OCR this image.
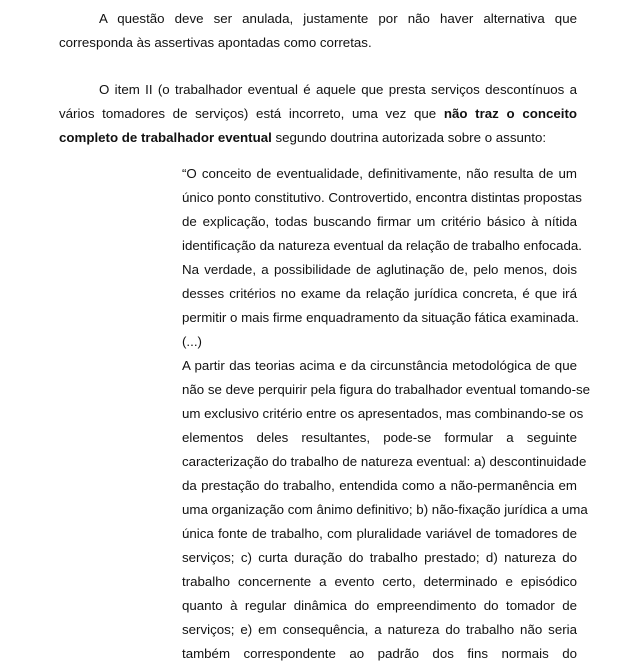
A questão deve ser anulada, justamente por não haver alternativa que corresponda às assertivas apontadas como corretas.

O item II (o trabalhador eventual é aquele que presta serviços descontínuos a vários tomadores de serviços) está incorreto, uma vez que não traz o conceito completo de trabalhador eventual segundo doutrina autorizada sobre o assunto:

“O conceito de eventualidade, definitivamente, não resulta de um
único ponto constitutivo. Controvertido, encontra distintas propostas
de explicação, todas buscando firmar um critério básico à nítida
identificação da natureza eventual da relação de trabalho enfocada.
Na verdade, a possibilidade de aglutinação de, pelo menos, dois
desses critérios no exame da relação jurídica concreta, é que irá
permitir o mais firme enquadramento da situação fática examinada.
(...)
A partir das teorias acima e da circunstância metodológica de que
não se deve perquirir pela figura do trabalhador eventual tomando-se
um exclusivo critério entre os apresentados, mas combinando-se os
elementos deles resultantes, pode-se formular a seguinte
caracterização do trabalho de natureza eventual: a) descontinuidade
da prestação do trabalho, entendida como a não-permanência em
uma organização com ânimo definitivo; b) não-fixação jurídica a uma
única fonte de trabalho, com pluralidade variável de tomadores de
serviços; c) curta duração do trabalho prestado; d) natureza do
trabalho concernente a evento certo, determinado e episódico
quanto à regular dinâmica do empreendimento do tomador de
serviços; e) em consequência, a natureza do trabalho não seria
também correspondente ao padrão dos fins normais do
